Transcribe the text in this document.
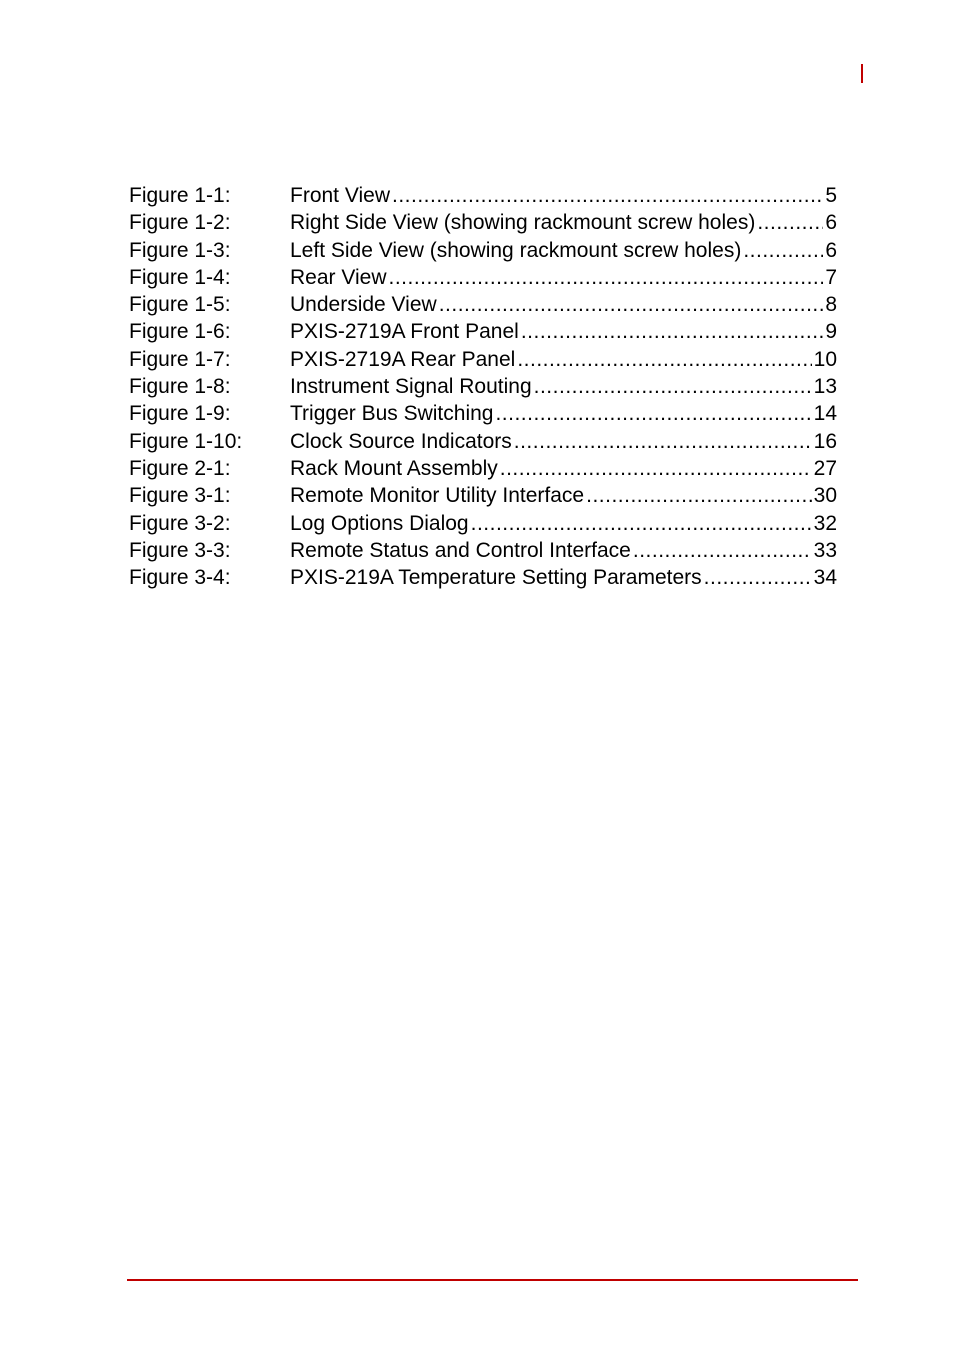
Figure 1-1:	Front View .....	5
Figure 1-2:	Right Side View (showing rackmount screw holes) .....	6
Figure 1-3:	Left Side View (showing rackmount screw holes) .....	6
Figure 1-4:	Rear View .....	7
Figure 1-5:	Underside View .....	8
Figure 1-6:	PXIS-2719A Front Panel .....	9
Figure 1-7:	PXIS-2719A Rear Panel .....	10
Figure 1-8:	Instrument Signal Routing .....	13
Figure 1-9:	Trigger Bus Switching .....	14
Figure 1-10:	Clock Source Indicators .....	16
Figure 2-1:	Rack Mount Assembly .....	27
Figure 3-1:	Remote Monitor Utility Interface .....	30
Figure 3-2:	Log Options Dialog .....	32
Figure 3-3:	Remote Status and Control Interface .....	33
Figure 3-4:	PXIS-219A Temperature Setting Parameters .....	34
